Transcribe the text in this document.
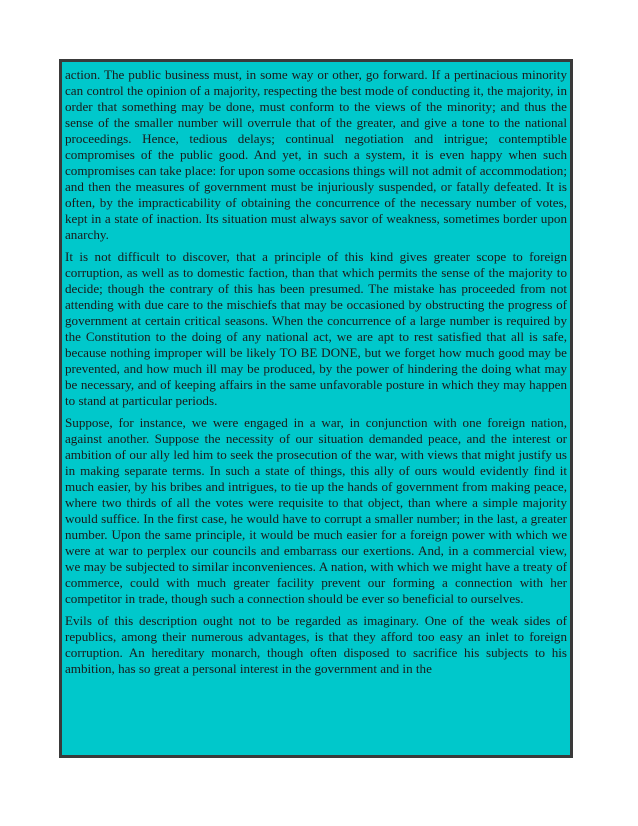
action. The public business must, in some way or other, go forward. If a pertinacious minority can control the opinion of a majority, respecting the best mode of conducting it, the majority, in order that something may be done, must conform to the views of the minority; and thus the sense of the smaller number will overrule that of the greater, and give a tone to the national proceedings. Hence, tedious delays; continual negotiation and intrigue; contemptible compromises of the public good. And yet, in such a system, it is even happy when such compromises can take place: for upon some occasions things will not admit of accommodation; and then the measures of government must be injuriously suspended, or fatally defeated. It is often, by the impracticability of obtaining the concurrence of the necessary number of votes, kept in a state of inaction. Its situation must always savor of weakness, sometimes border upon anarchy.

It is not difficult to discover, that a principle of this kind gives greater scope to foreign corruption, as well as to domestic faction, than that which permits the sense of the majority to decide; though the contrary of this has been presumed. The mistake has proceeded from not attending with due care to the mischiefs that may be occasioned by obstructing the progress of government at certain critical seasons. When the concurrence of a large number is required by the Constitution to the doing of any national act, we are apt to rest satisfied that all is safe, because nothing improper will be likely TO BE DONE, but we forget how much good may be prevented, and how much ill may be produced, by the power of hindering the doing what may be necessary, and of keeping affairs in the same unfavorable posture in which they may happen to stand at particular periods.

Suppose, for instance, we were engaged in a war, in conjunction with one foreign nation, against another. Suppose the necessity of our situation demanded peace, and the interest or ambition of our ally led him to seek the prosecution of the war, with views that might justify us in making separate terms. In such a state of things, this ally of ours would evidently find it much easier, by his bribes and intrigues, to tie up the hands of government from making peace, where two thirds of all the votes were requisite to that object, than where a simple majority would suffice. In the first case, he would have to corrupt a smaller number; in the last, a greater number. Upon the same principle, it would be much easier for a foreign power with which we were at war to perplex our councils and embarrass our exertions. And, in a commercial view, we may be subjected to similar inconveniences. A nation, with which we might have a treaty of commerce, could with much greater facility prevent our forming a connection with her competitor in trade, though such a connection should be ever so beneficial to ourselves.

Evils of this description ought not to be regarded as imaginary. One of the weak sides of republics, among their numerous advantages, is that they afford too easy an inlet to foreign corruption. An hereditary monarch, though often disposed to sacrifice his subjects to his ambition, has so great a personal interest in the government and in the
